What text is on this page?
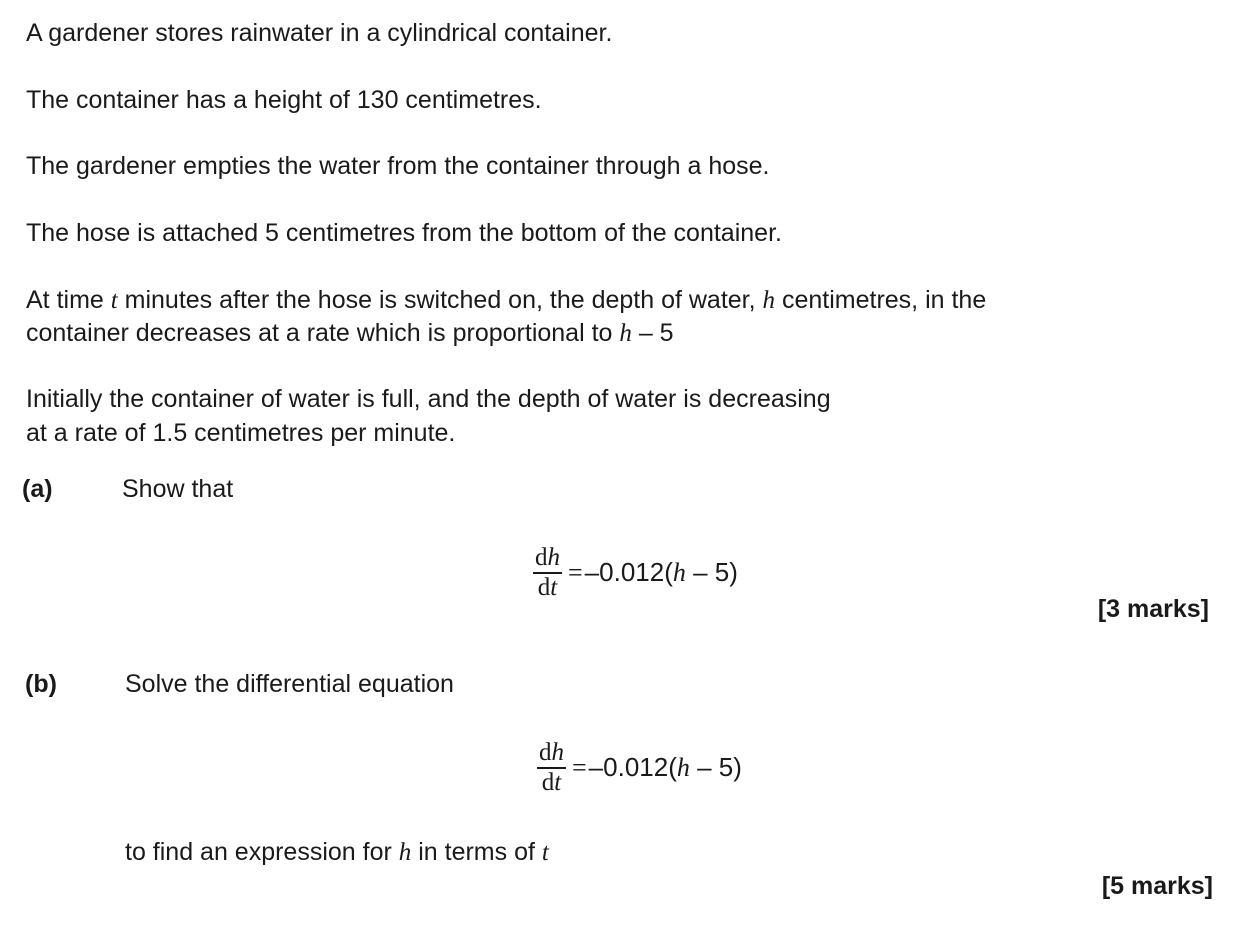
A gardener stores rainwater in a cylindrical container.
The container has a height of 130 centimetres.
The gardener empties the water from the container through a hose.
The hose is attached 5 centimetres from the bottom of the container.
At time t minutes after the hose is switched on, the depth of water, h centimetres, in the
container decreases at a rate which is proportional to h – 5
Initially the container of water is full, and the depth of water is decreasing
at a rate of 1.5 centimetres per minute.
(a)	Show that
$\frac{dh}{dt} = -0.012(h - 5)$
[3 marks]
(b)	Solve the differential equation
$\frac{dh}{dt} = -0.012(h - 5)$
to find an expression for h in terms of t
[5 marks]
